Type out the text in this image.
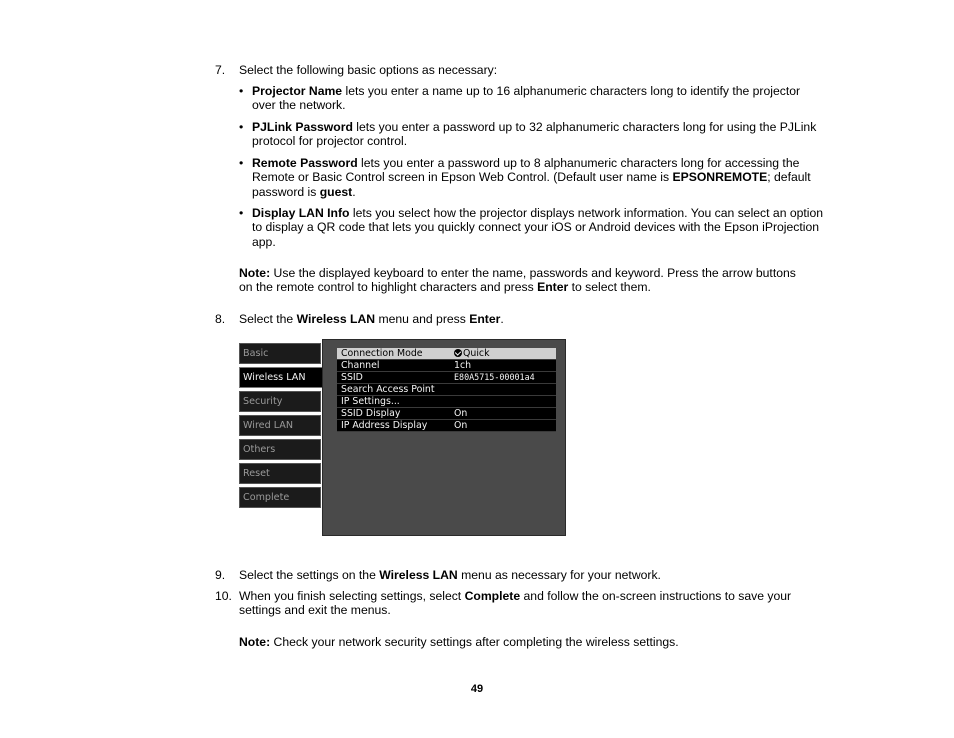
7. Select the following basic options as necessary:
• Projector Name lets you enter a name up to 16 alphanumeric characters long to identify the projector over the network.
• PJLink Password lets you enter a password up to 32 alphanumeric characters long for using the PJLink protocol for projector control.
• Remote Password lets you enter a password up to 8 alphanumeric characters long for accessing the Remote or Basic Control screen in Epson Web Control. (Default user name is EPSONREMOTE; default password is guest.
• Display LAN Info lets you select how the projector displays network information. You can select an option to display a QR code that lets you quickly connect your iOS or Android devices with the Epson iProjection app.
Note: Use the displayed keyboard to enter the name, passwords and keyword. Press the arrow buttons on the remote control to highlight characters and press Enter to select them.
8. Select the Wireless LAN menu and press Enter.
Basic
Wireless LAN
Security
Wired LAN
Others
Reset
Complete
Connection Mode	Quick
Channel	1ch
SSID	E80A5715-00001a4
Search Access Point
IP Settings...
SSID Display	On
IP Address Display	On
9. Select the settings on the Wireless LAN menu as necessary for your network.
10. When you finish selecting settings, select Complete and follow the on-screen instructions to save your settings and exit the menus.
Note: Check your network security settings after completing the wireless settings.
49
